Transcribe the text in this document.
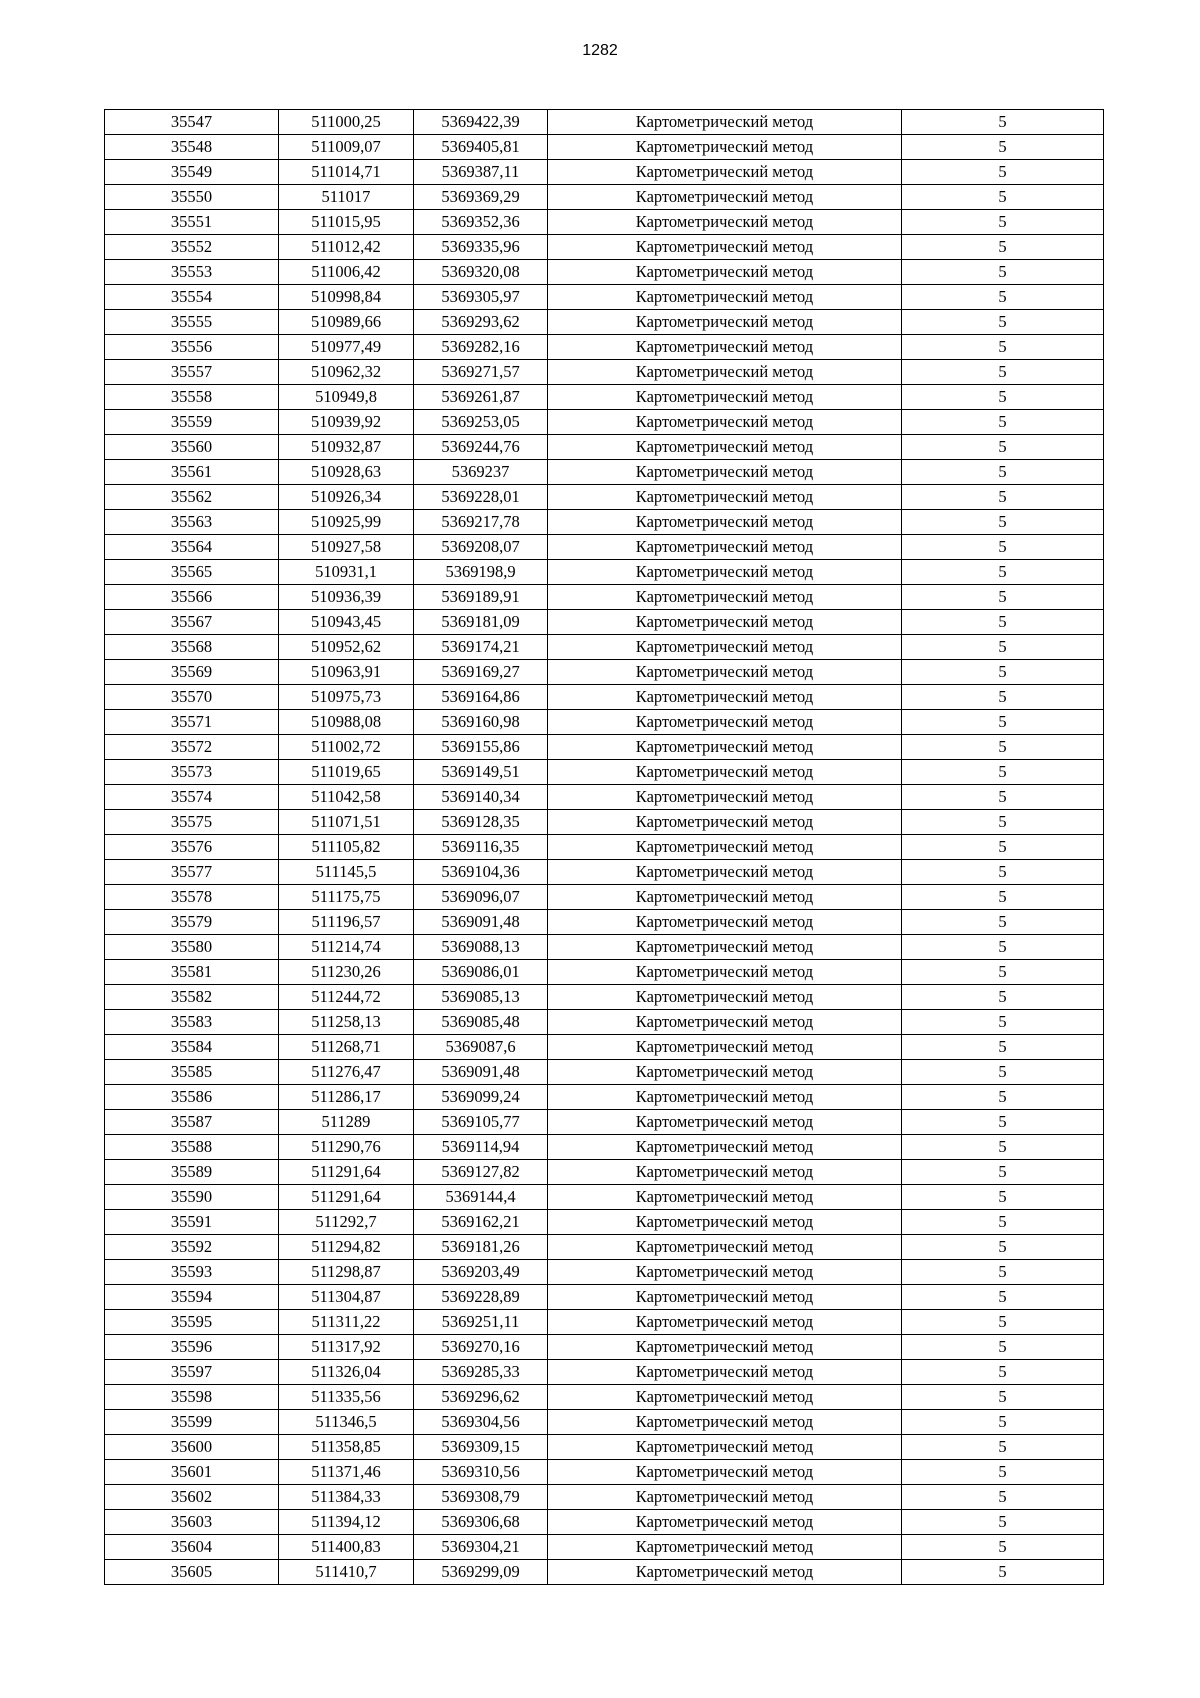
1282
35547	511000,25	5369422,39	Картометрический метод	5
35548	511009,07	5369405,81	Картометрический метод	5
35549	511014,71	5369387,11	Картометрический метод	5
35550	511017	5369369,29	Картометрический метод	5
35551	511015,95	5369352,36	Картометрический метод	5
35552	511012,42	5369335,96	Картометрический метод	5
35553	511006,42	5369320,08	Картометрический метод	5
35554	510998,84	5369305,97	Картометрический метод	5
35555	510989,66	5369293,62	Картометрический метод	5
35556	510977,49	5369282,16	Картометрический метод	5
35557	510962,32	5369271,57	Картометрический метод	5
35558	510949,8	5369261,87	Картометрический метод	5
35559	510939,92	5369253,05	Картометрический метод	5
35560	510932,87	5369244,76	Картометрический метод	5
35561	510928,63	5369237	Картометрический метод	5
35562	510926,34	5369228,01	Картометрический метод	5
35563	510925,99	5369217,78	Картометрический метод	5
35564	510927,58	5369208,07	Картометрический метод	5
35565	510931,1	5369198,9	Картометрический метод	5
35566	510936,39	5369189,91	Картометрический метод	5
35567	510943,45	5369181,09	Картометрический метод	5
35568	510952,62	5369174,21	Картометрический метод	5
35569	510963,91	5369169,27	Картометрический метод	5
35570	510975,73	5369164,86	Картометрический метод	5
35571	510988,08	5369160,98	Картометрический метод	5
35572	511002,72	5369155,86	Картометрический метод	5
35573	511019,65	5369149,51	Картометрический метод	5
35574	511042,58	5369140,34	Картометрический метод	5
35575	511071,51	5369128,35	Картометрический метод	5
35576	511105,82	5369116,35	Картометрический метод	5
35577	511145,5	5369104,36	Картометрический метод	5
35578	511175,75	5369096,07	Картометрический метод	5
35579	511196,57	5369091,48	Картометрический метод	5
35580	511214,74	5369088,13	Картометрический метод	5
35581	511230,26	5369086,01	Картометрический метод	5
35582	511244,72	5369085,13	Картометрический метод	5
35583	511258,13	5369085,48	Картометрический метод	5
35584	511268,71	5369087,6	Картометрический метод	5
35585	511276,47	5369091,48	Картометрический метод	5
35586	511286,17	5369099,24	Картометрический метод	5
35587	511289	5369105,77	Картометрический метод	5
35588	511290,76	5369114,94	Картометрический метод	5
35589	511291,64	5369127,82	Картометрический метод	5
35590	511291,64	5369144,4	Картометрический метод	5
35591	511292,7	5369162,21	Картометрический метод	5
35592	511294,82	5369181,26	Картометрический метод	5
35593	511298,87	5369203,49	Картометрический метод	5
35594	511304,87	5369228,89	Картометрический метод	5
35595	511311,22	5369251,11	Картометрический метод	5
35596	511317,92	5369270,16	Картометрический метод	5
35597	511326,04	5369285,33	Картометрический метод	5
35598	511335,56	5369296,62	Картометрический метод	5
35599	511346,5	5369304,56	Картометрический метод	5
35600	511358,85	5369309,15	Картометрический метод	5
35601	511371,46	5369310,56	Картометрический метод	5
35602	511384,33	5369308,79	Картометрический метод	5
35603	511394,12	5369306,68	Картометрический метод	5
35604	511400,83	5369304,21	Картометрический метод	5
35605	511410,7	5369299,09	Картометрический метод	5
